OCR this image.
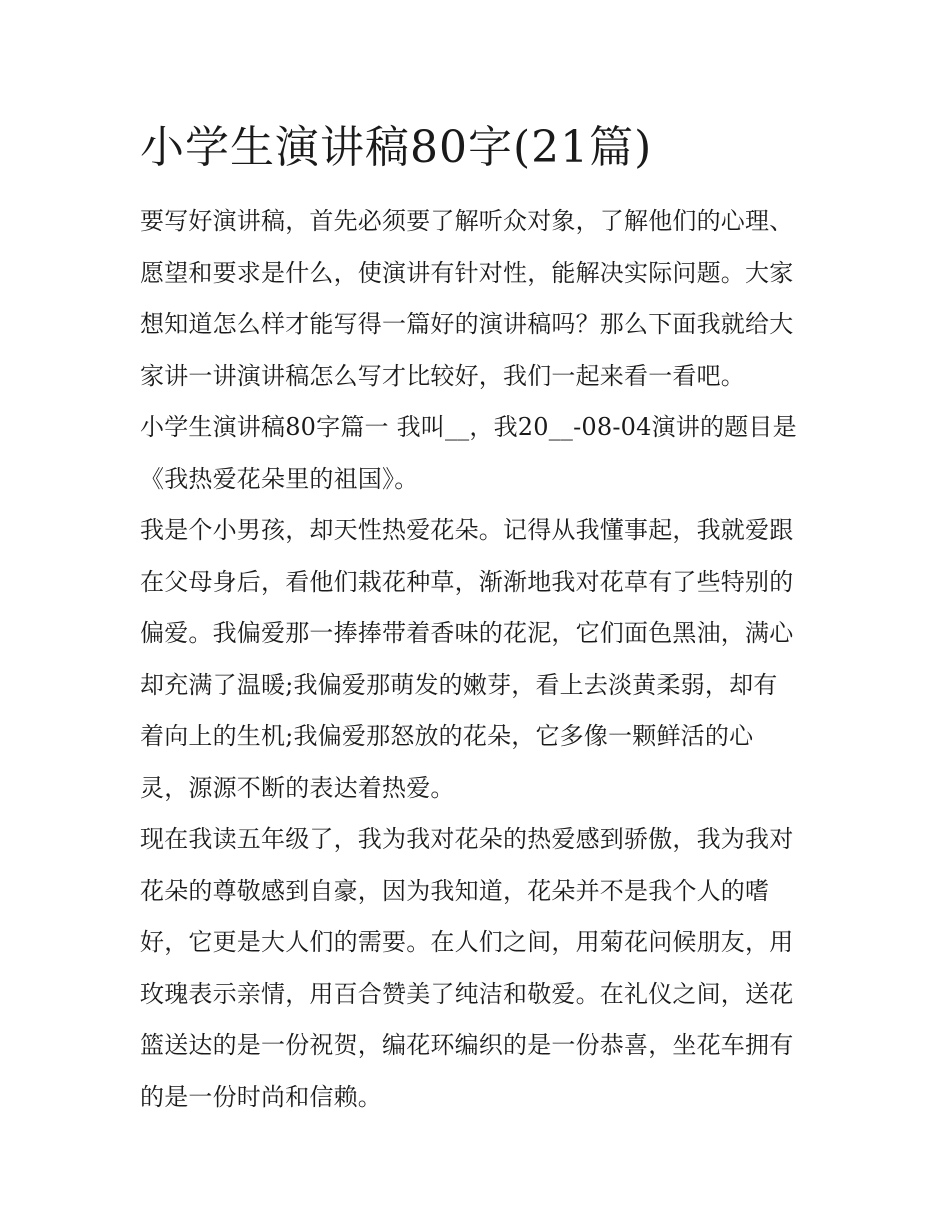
小学生演讲稿80字(21篇)
要写好演讲稿，首先必须要了解听众对象，了解他们的心理、
愿望和要求是什么，使演讲有针对性，能解决实际问题。大家
想知道怎么样才能写得一篇好的演讲稿吗？那么下面我就给大
家讲一讲演讲稿怎么写才比较好，我们一起来看一看吧。
小学生演讲稿80字篇一 我叫__，我20__-08-04演讲的题目是
《我热爱花朵里的祖国》。
我是个小男孩，却天性热爱花朵。记得从我懂事起，我就爱跟
在父母身后，看他们栽花种草，渐渐地我对花草有了些特别的
偏爱。我偏爱那一捧捧带着香味的花泥，它们面色黑油，满心
却充满了温暖;我偏爱那萌发的嫩芽，看上去淡黄柔弱，却有
着向上的生机;我偏爱那怒放的花朵，它多像一颗鲜活的心
灵，源源不断的表达着热爱。
现在我读五年级了，我为我对花朵的热爱感到骄傲，我为我对
花朵的尊敬感到自豪，因为我知道，花朵并不是我个人的嗜
好，它更是大人们的需要。在人们之间，用菊花问候朋友，用
玫瑰表示亲情，用百合赞美了纯洁和敬爱。在礼仪之间，送花
篮送达的是一份祝贺，编花环编织的是一份恭喜，坐花车拥有
的是一份时尚和信赖。
